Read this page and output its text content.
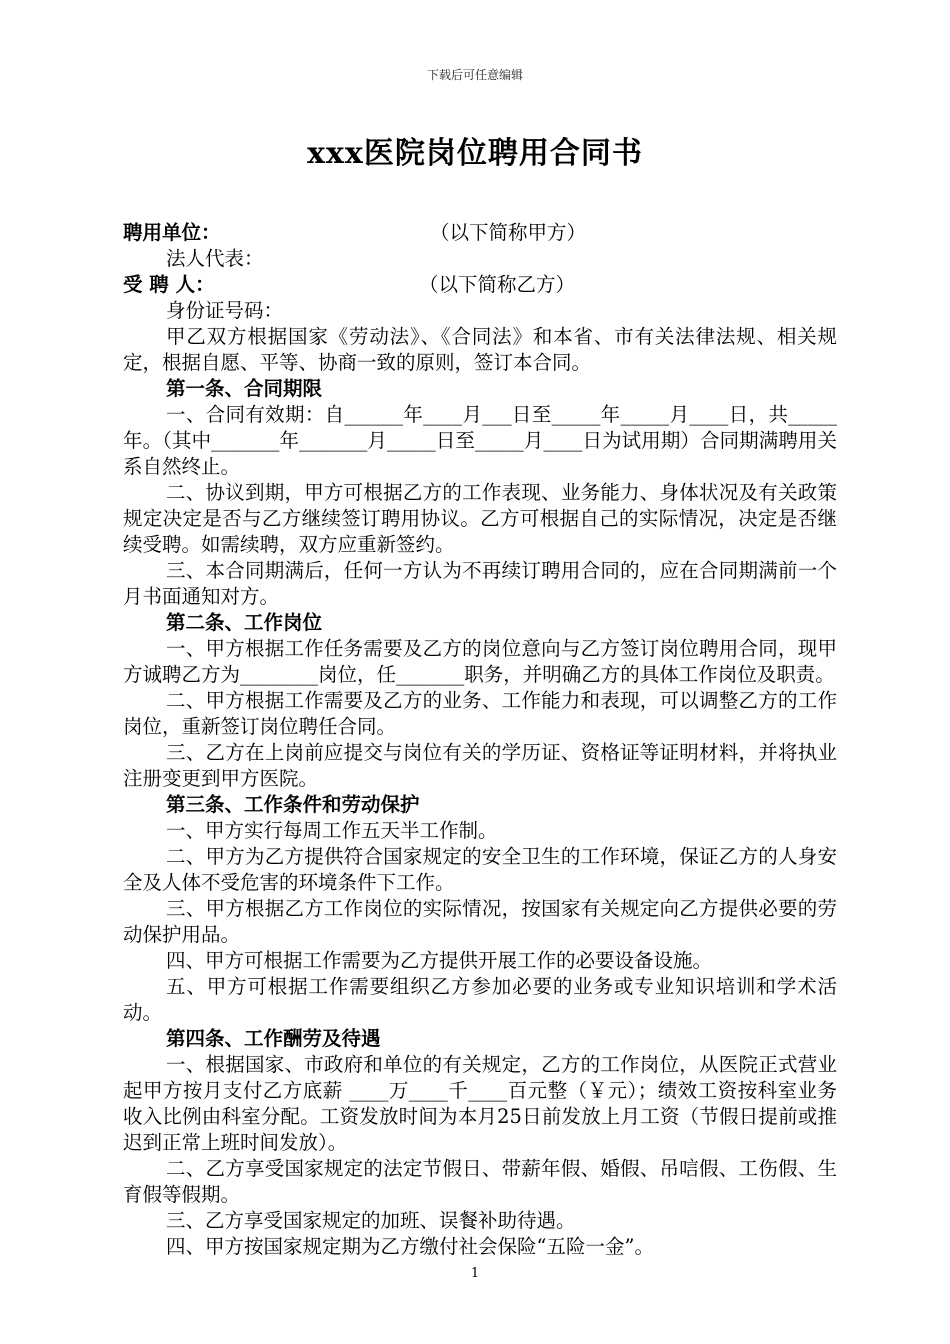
下载后可任意编辑
xxx医院岗位聘用合同书
聘用单位：	（以下简称甲方）
法人代表：
受 聘 人：	（以下简称乙方）
身份证号码：
甲乙双方根据国家《劳动法》、《合同法》和本省、市有关法律法规、相关规定，根据自愿、平等、协商一致的原则，签订本合同。
第一条、合同期限
一、合同有效期：自______年____月___日至_____年_____月____日，共_____年。（其中_______年_______月_____日至_____月____日为试用期）合同期满聘用关系自然终止。
二、协议到期，甲方可根据乙方的工作表现、业务能力、身体状况及有关政策规定决定是否与乙方继续签订聘用协议。乙方可根据自己的实际情况，决定是否继续受聘。如需续聘，双方应重新签约。
三、本合同期满后，任何一方认为不再续订聘用合同的，应在合同期满前一个月书面通知对方。
第二条、工作岗位
一、甲方根据工作任务需要及乙方的岗位意向与乙方签订岗位聘用合同，现甲方诚聘乙方为________岗位，任_______职务，并明确乙方的具体工作岗位及职责。
二、甲方根据工作需要及乙方的业务、工作能力和表现，可以调整乙方的工作岗位，重新签订岗位聘任合同。
三、乙方在上岗前应提交与岗位有关的学历证、资格证等证明材料，并将执业注册变更到甲方医院。
第三条、工作条件和劳动保护
一、甲方实行每周工作五天半工作制。
二、甲方为乙方提供符合国家规定的安全卫生的工作环境，保证乙方的人身安全及人体不受危害的环境条件下工作。
三、甲方根据乙方工作岗位的实际情况，按国家有关规定向乙方提供必要的劳动保护用品。
四、甲方可根据工作需要为乙方提供开展工作的必要设备设施。
五、甲方可根据工作需要组织乙方参加必要的业务或专业知识培训和学术活动。
第四条、工作酬劳及待遇
一、根据国家、市政府和单位的有关规定，乙方的工作岗位，从医院正式营业起甲方按月支付乙方底薪 ____万____千____百元整（￥元）；绩效工资按科室业务收入比例由科室分配。工资发放时间为本月25日前发放上月工资（节假日提前或推迟到正常上班时间发放）。
二、乙方享受国家规定的法定节假日、带薪年假、婚假、吊唁假、工伤假、生育假等假期。
三、乙方享受国家规定的加班、误餐补助待遇。
四、甲方按国家规定期为乙方缴付社会保险“五险一金”。
1
